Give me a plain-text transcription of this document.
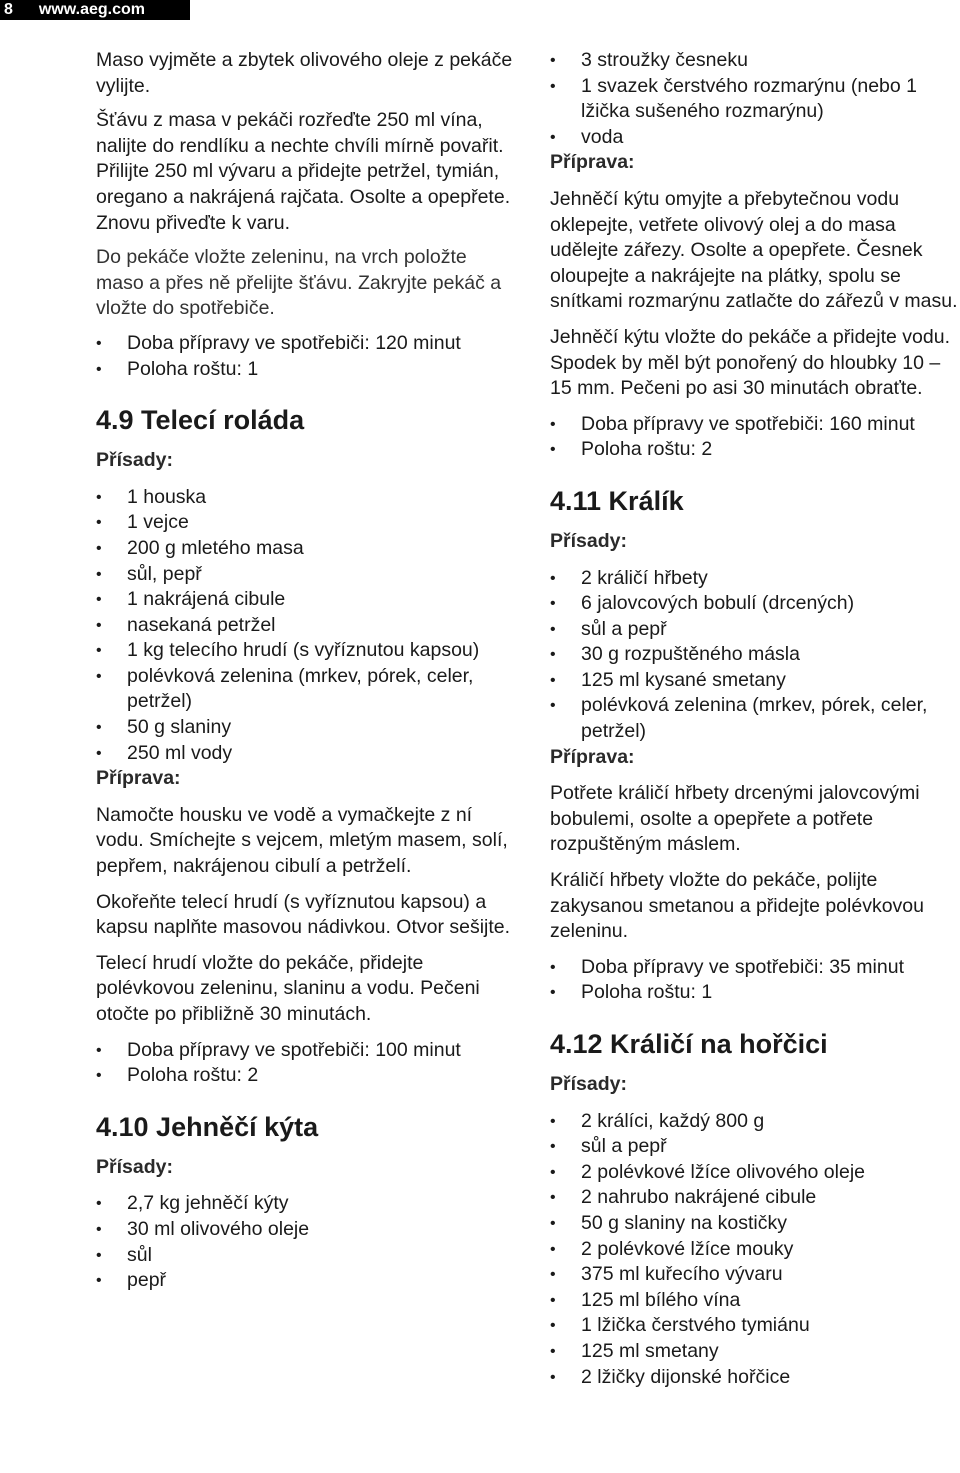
8 www.aeg.com

Maso vyjměte a zbytek olivového oleje z pekáče vylijte.

Šťávu z masa v pekáči rozřeďte 250 ml vína, nalijte do rendlíku a nechte chvíli mírně povařit. Přilijte 250 ml vývaru a přidejte petržel, tymián, oregano a nakrájená rajčata. Osolte a opepřete. Znovu přiveďte k varu.

Do pekáče vložte zeleninu, na vrch položte maso a přes ně přelijte šťávu. Zakryjte pekáč a vložte do spotřebiče.

• Doba přípravy ve spotřebiči: 120 minut
• Poloha roštu: 1
4.9 Telecí roláda
Přísady:
• 1 houska
• 1 vejce
• 200 g mletého masa
• sůl, pepř
• 1 nakrájená cibule
• nasekaná petržel
• 1 kg telecího hrudí (s vyříznutou kapsou)
• polévková zelenina (mrkev, pórek, celer, petržel)
• 50 g slaniny
• 250 ml vody
Příprava:

Namočte housku ve vodě a vymačkejte z ní vodu. Smíchejte s vejcem, mletým masem, solí, pepřem, nakrájenou cibulí a petrželí.

Okořeňte telecí hrudí (s vyříznutou kapsou) a kapsu naplňte masovou nádivkou. Otvor sešijte.

Telecí hrudí vložte do pekáče, přidejte polévkovou zeleninu, slaninu a vodu. Pečeni otočte po přibližně 30 minutách.

• Doba přípravy ve spotřebiči: 100 minut
• Poloha roštu: 2
4.10 Jehněčí kýta
Přísady:
• 2,7 kg jehněčí kýty
• 30 ml olivového oleje
• sůl
• pepř
• 3 stroužky česneku
• 1 svazek čerstvého rozmarýnu (nebo 1 lžička sušeného rozmarýnu)
• voda
Příprava:

Jehněčí kýtu omyjte a přebytečnou vodu oklepejte, vetřete olivový olej a do masa udělejte zářezy. Osolte a opepřete. Česnek oloupejte a nakrájejte na plátky, spolu se snítkami rozmarýnu zatlačte do zářezů v masu.

Jehněčí kýtu vložte do pekáče a přidejte vodu. Spodek by měl být ponořený do hloubky 10 – 15 mm. Pečeni po asi 30 minutách obraťte.

• Doba přípravy ve spotřebiči: 160 minut
• Poloha roštu: 2
4.11 Králík
Přísady:
• 2 králičí hřbety
• 6 jalovcových bobulí (drcených)
• sůl a pepř
• 30 g rozpuštěného másla
• 125 ml kysané smetany
• polévková zelenina (mrkev, pórek, celer, petržel)
Příprava:

Potřete králičí hřbety drcenými jalovcovými bobulemi, osolte a opepřete a potřete rozpuštěným máslem.

Králičí hřbety vložte do pekáče, polijte zakysanou smetanou a přidejte polévkovou zeleninu.

• Doba přípravy ve spotřebiči: 35 minut
• Poloha roštu: 1
4.12 Králičí na hořčici
Přísady:
• 2 králíci, každý 800 g
• sůl a pepř
• 2 polévkové lžíce olivového oleje
• 2 nahrubo nakrájené cibule
• 50 g slaniny na kostičky
• 2 polévkové lžíce mouky
• 375 ml kuřecího vývaru
• 125 ml bílého vína
• 1 lžička čerstvého tymiánu
• 125 ml smetany
• 2 lžičky dijonské hořčice
